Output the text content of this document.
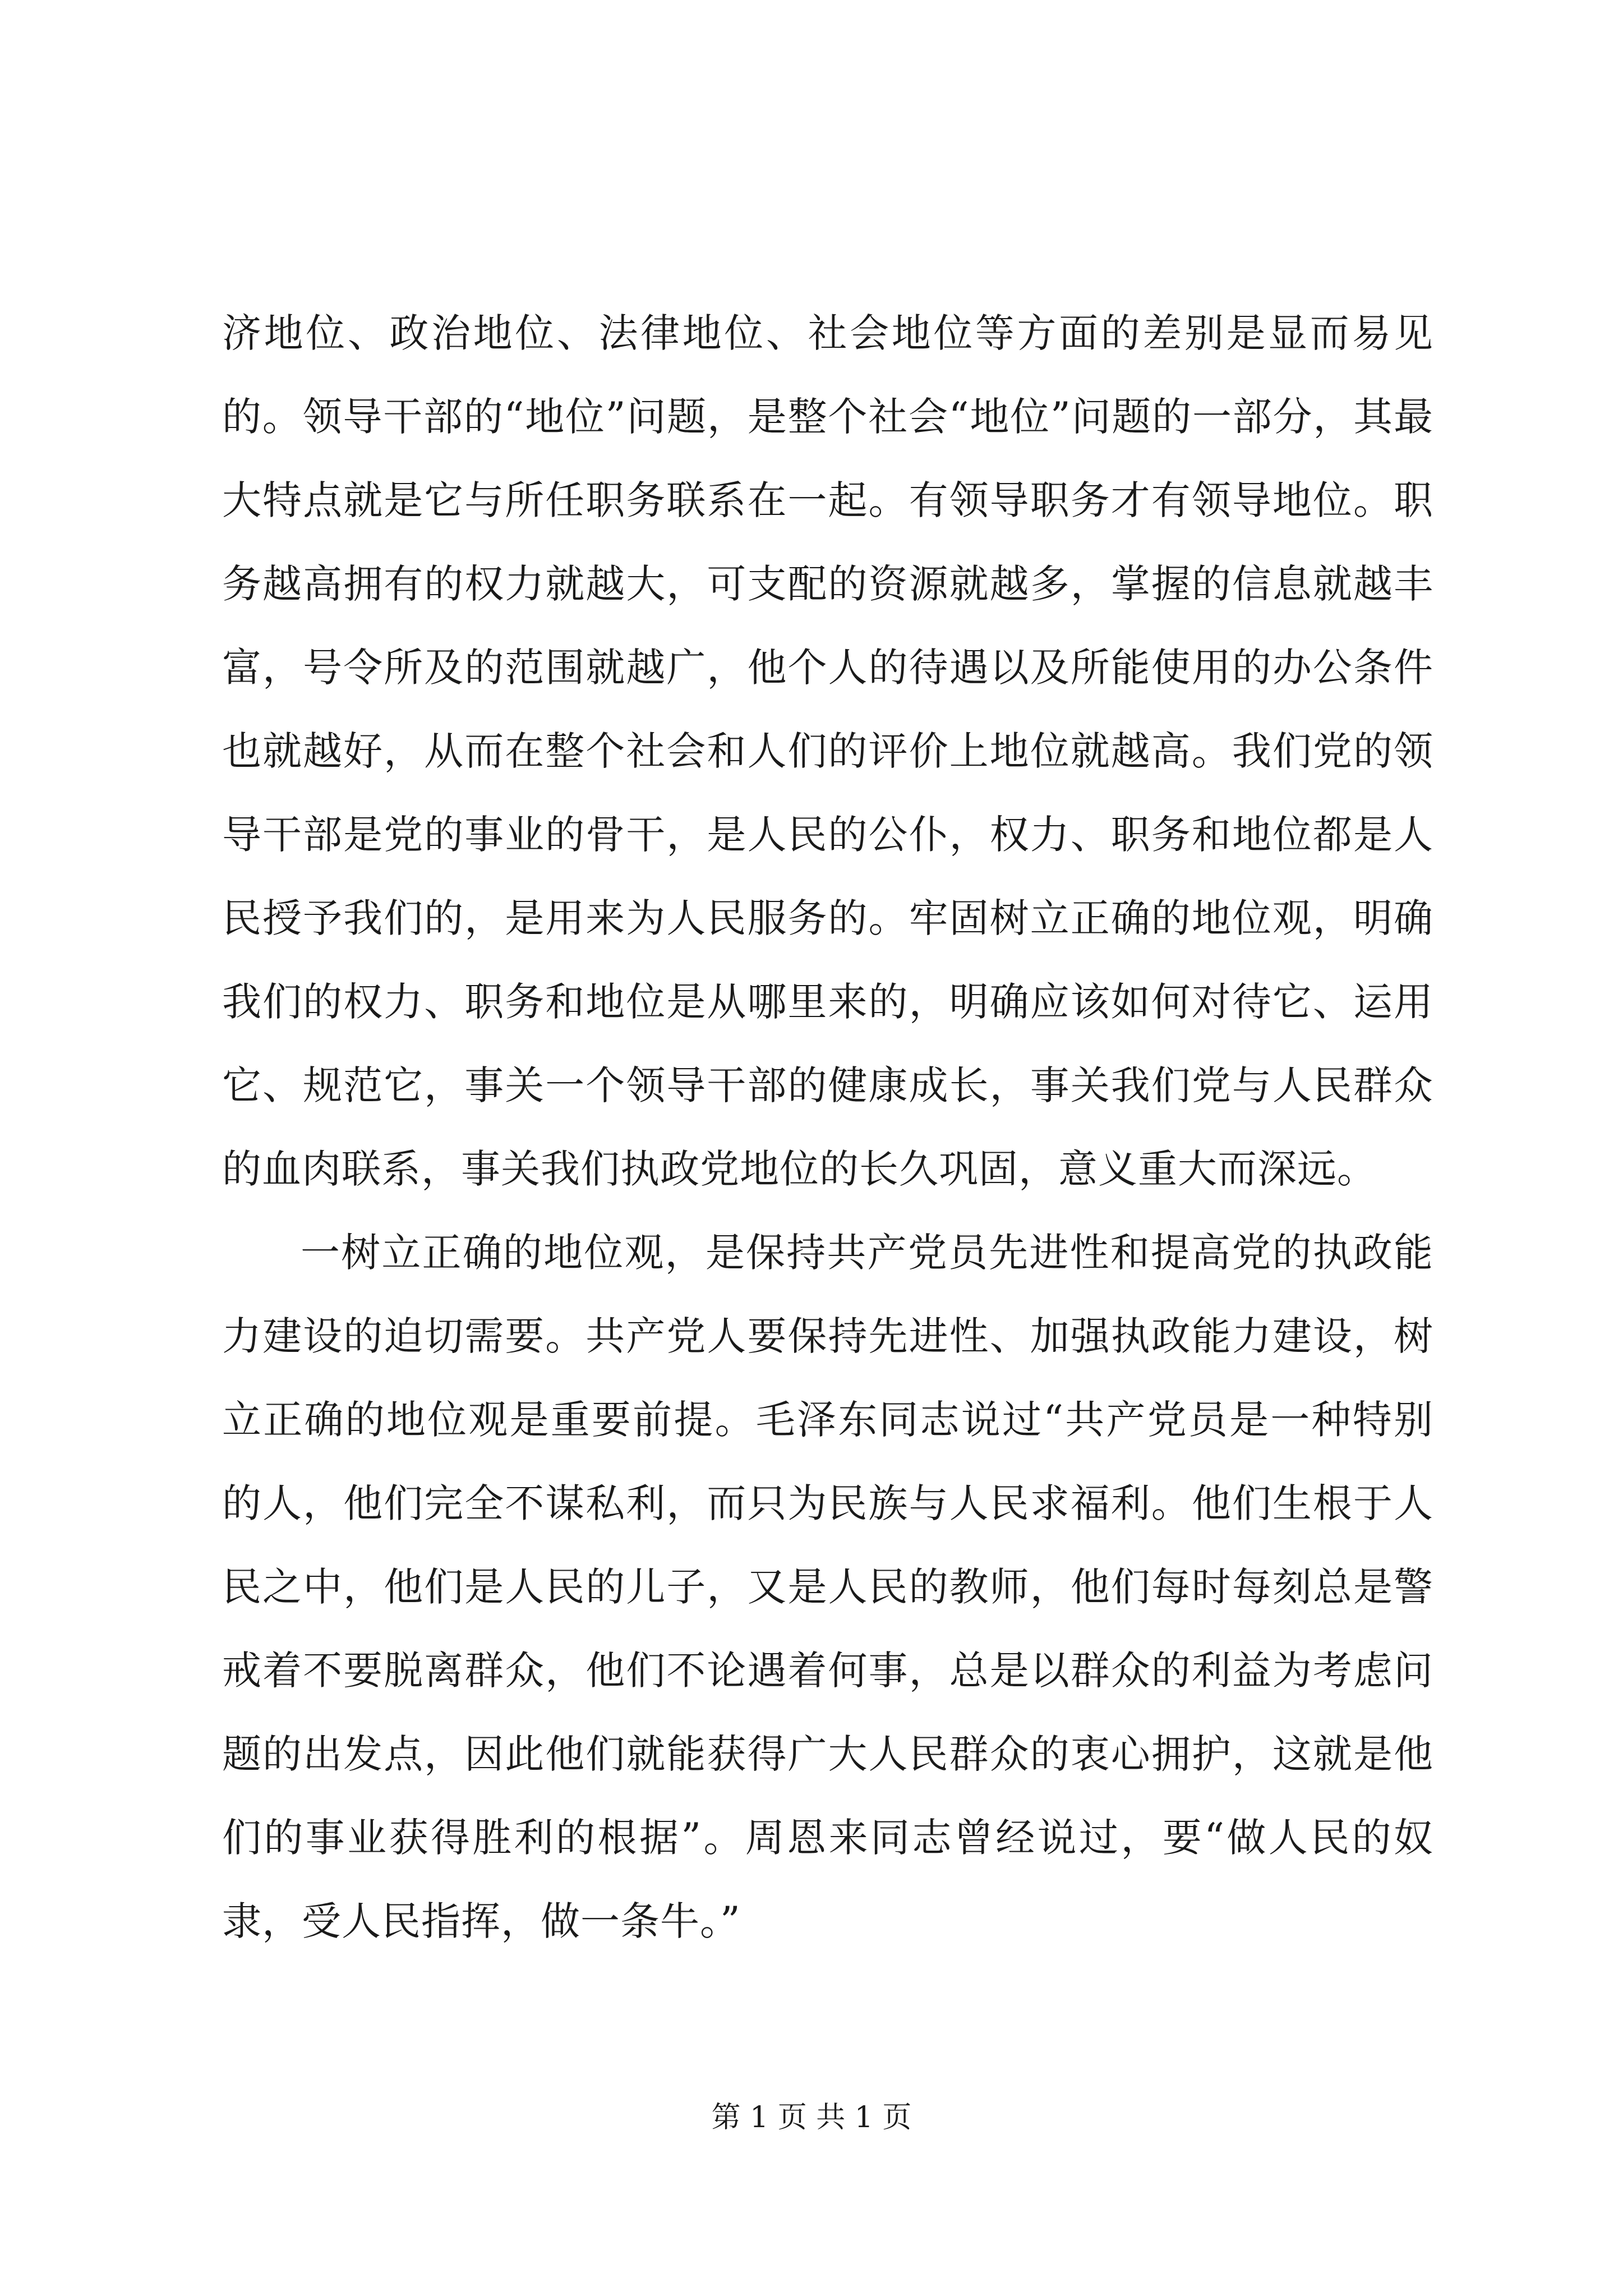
济地位、政治地位、法律地位、社会地位等方面的差别是显而易见的。领导干部的“地位”问题，是整个社会“地位”问题的一部分，其最大特点就是它与所任职务联系在一起。有领导职务才有领导地位。职务越高拥有的权力就越大，可支配的资源就越多，掌握的信息就越丰富，号令所及的范围就越广，他个人的待遇以及所能使用的办公条件也就越好，从而在整个社会和人们的评价上地位就越高。我们党的领导干部是党的事业的骨干，是人民的公仆，权力、职务和地位都是人民授予我们的，是用来为人民服务的。牢固树立正确的地位观，明确我们的权力、职务和地位是从哪里来的，明确应该如何对待它、运用它、规范它，事关一个领导干部的健康成长，事关我们党与人民群众的血肉联系，事关我们执政党地位的长久巩固，意义重大而深远。

一树立正确的地位观，是保持共产党员先进性和提高党的执政能力建设的迫切需要。共产党人要保持先进性、加强执政能力建设，树立正确的地位观是重要前提。毛泽东同志说过“共产党员是一种特别的人，他们完全不谋私利，而只为民族与人民求福利。他们生根于人民之中，他们是人民的儿子，又是人民的教师，他们每时每刻总是警戒着不要脱离群众，他们不论遇着何事，总是以群众的利益为考虑问题的出发点，因此他们就能获得广大人民群众的衷心拥护，这就是他们的事业获得胜利的根据”。周恩来同志曾经说过，要“做人民的奴隶，受人民指挥，做一条牛。”

第 1 页 共 1 页
